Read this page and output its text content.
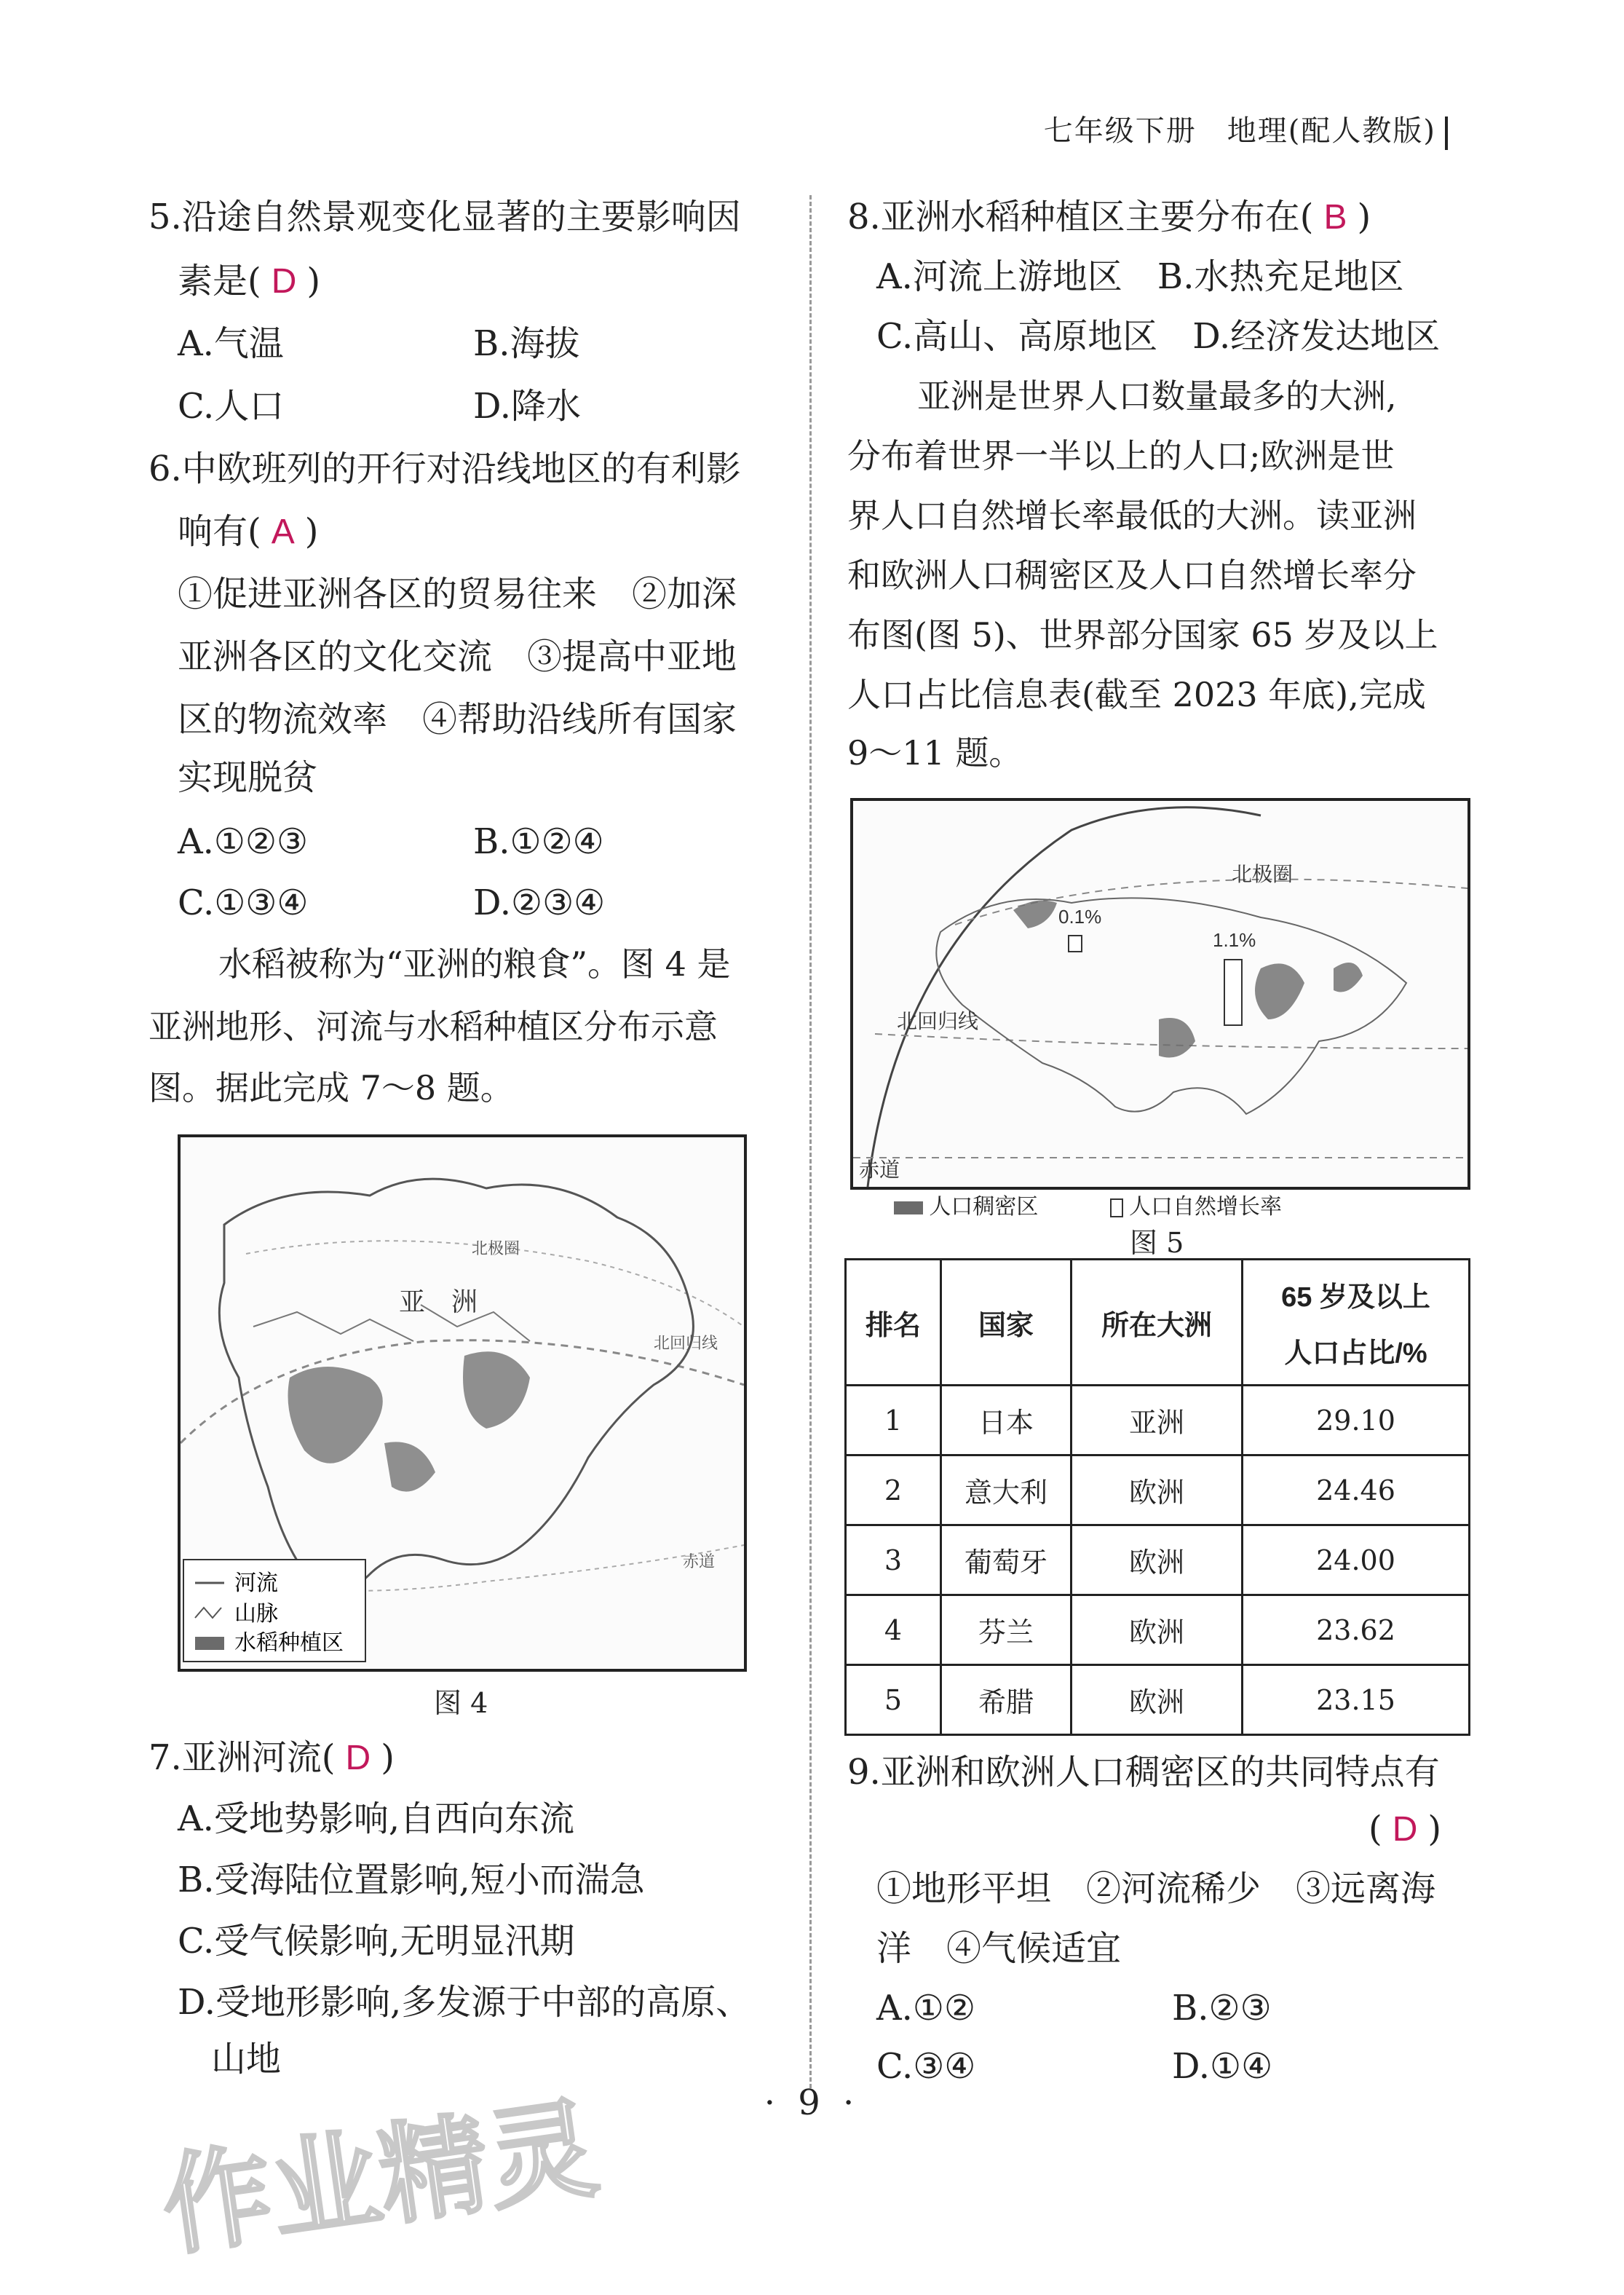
七年级下册　地理(配人教版)
5.沿途自然景观变化显著的主要影响因
素是( D )
A.气温	B.海拔
C.人口	D.降水
6.中欧班列的开行对沿线地区的有利影
响有( A )
①促进亚洲各区的贸易往来　②加深
亚洲各区的文化交流　③提高中亚地
区的物流效率　④帮助沿线所有国家
实现脱贫
A.①②③	B.①②④
C.①③④	D.②③④
水稻被称为“亚洲的粮食”。图 4 是
亚洲地形、河流与水稻种植区分布示意
图。据此完成 7～8 题。
亚　洲
北极圈
北回归线
赤道
河流
山脉
水稻种植区
图 4
7.亚洲河流( D )
A.受地势影响,自西向东流
B.受海陆位置影响,短小而湍急
C.受气候影响,无明显汛期
D.受地形影响,多发源于中部的高原、
山地
8.亚洲水稻种植区主要分布在( B )
A.河流上游地区　B.水热充足地区
C.高山、高原地区　D.经济发达地区
亚洲是世界人口数量最多的大洲,
分布着世界一半以上的人口;欧洲是世
界人口自然增长率最低的大洲。读亚洲
和欧洲人口稠密区及人口自然增长率分
布图(图 5)、世界部分国家 65 岁及以上
人口占比信息表(截至 2023 年底),完成
9～11 题。
0.1%
1.1%
北极圈
北回归线
赤道
人口稠密区	人口自然增长率
图 5
排名	国家	所在大洲	65 岁及以上
人口占比/%

1	日本	亚洲	29.10
2	意大利	欧洲	24.46
3	葡萄牙	欧洲	24.00
4	芬兰	欧洲	23.62
5	希腊	欧洲	23.15
9.亚洲和欧洲人口稠密区的共同特点有
( D )
①地形平坦　②河流稀少　③远离海
洋　④气候适宜
A.①②	B.②③
C.③④	D.①④
作业精灵	· 9 ·
